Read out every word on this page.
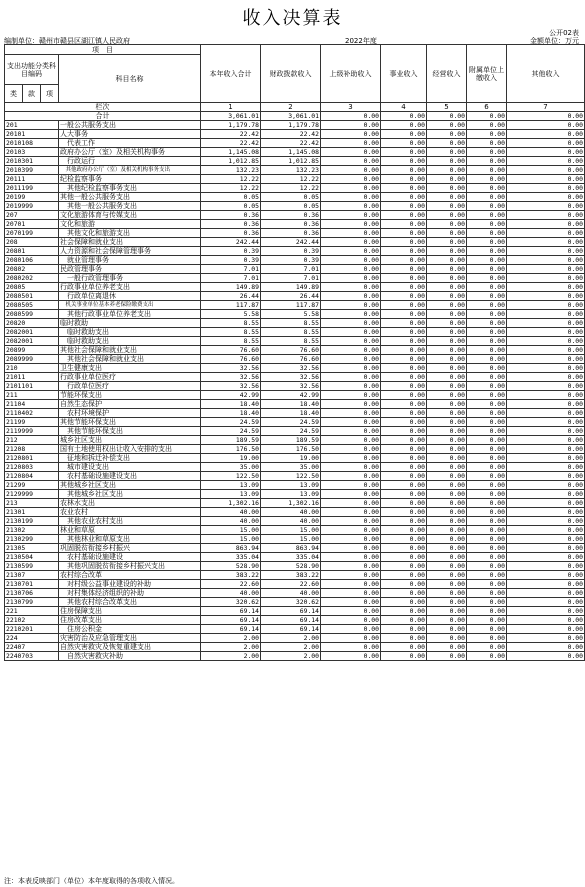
收入决算表
公开02表
编制单位：赣州市赣县区湖江镇人民政府	2022年度	金额单位：万元
项　目				本年收入合计	财政拨款收入	上级补助收入	事业收入	经营收入	附属单位上缴收入	其他收入
支出功能分类科目编码			科目名称							
类	款	项								
栏次				1	2	3	4	5	6	7
合计				3,061.01	3,061.01	0.00	0.00	0.00	0.00	0.00
201			一般公共服务支出	1,179.78	1,179.78	0.00	0.00	0.00	0.00	0.00
20101			人大事务	22.42	22.42	0.00	0.00	0.00	0.00	0.00
2010108			　代表工作	22.42	22.42	0.00	0.00	0.00	0.00	0.00
20103			政府办公厅（室）及相关机构事务	1,145.08	1,145.08	0.00	0.00	0.00	0.00	0.00
2010301			　行政运行	1,012.85	1,012.85	0.00	0.00	0.00	0.00	0.00
2010399			　其他政府办公厅（室）及相关机构事务支出	132.23	132.23	0.00	0.00	0.00	0.00	0.00
20111			纪检监察事务	12.22	12.22	0.00	0.00	0.00	0.00	0.00
2011199			　其他纪检监察事务支出	12.22	12.22	0.00	0.00	0.00	0.00	0.00
20199			其他一般公共服务支出	0.05	0.05	0.00	0.00	0.00	0.00	0.00
2019999			　其他一般公共服务支出	0.05	0.05	0.00	0.00	0.00	0.00	0.00
207			文化旅游体育与传媒支出	0.36	0.36	0.00	0.00	0.00	0.00	0.00
20701			文化和旅游	0.36	0.36	0.00	0.00	0.00	0.00	0.00
2070199			　其他文化和旅游支出	0.36	0.36	0.00	0.00	0.00	0.00	0.00
208			社会保障和就业支出	242.44	242.44	0.00	0.00	0.00	0.00	0.00
20801			人力资源和社会保障管理事务	0.39	0.39	0.00	0.00	0.00	0.00	0.00
2080106			　就业管理事务	0.39	0.39	0.00	0.00	0.00	0.00	0.00
20802			民政管理事务	7.01	7.01	0.00	0.00	0.00	0.00	0.00
2080202			　一般行政管理事务	7.01	7.01	0.00	0.00	0.00	0.00	0.00
20805			行政事业单位养老支出	149.89	149.89	0.00	0.00	0.00	0.00	0.00
2080501			　行政单位离退休	26.44	26.44	0.00	0.00	0.00	0.00	0.00
2080505			　机关事业单位基本养老保险缴费支出	117.87	117.87	0.00	0.00	0.00	0.00	0.00
2080599			　其他行政事业单位养老支出	5.58	5.58	0.00	0.00	0.00	0.00	0.00
20820			临时救助	8.55	8.55	0.00	0.00	0.00	0.00	0.00
2082001			　临时救助支出	8.55	8.55	0.00	0.00	0.00	0.00	0.00
2082001			　临时救助支出	8.55	8.55	0.00	0.00	0.00	0.00	0.00
20899			其他社会保障和就业支出	76.60	76.60	0.00	0.00	0.00	0.00	0.00
2089999			　其他社会保障和就业支出	76.60	76.60	0.00	0.00	0.00	0.00	0.00
210			卫生健康支出	32.56	32.56	0.00	0.00	0.00	0.00	0.00
21011			行政事业单位医疗	32.56	32.56	0.00	0.00	0.00	0.00	0.00
2101101			　行政单位医疗	32.56	32.56	0.00	0.00	0.00	0.00	0.00
211			节能环保支出	42.99	42.99	0.00	0.00	0.00	0.00	0.00
21104			自然生态保护	18.40	18.40	0.00	0.00	0.00	0.00	0.00
2110402			　农村环境保护	18.40	18.40	0.00	0.00	0.00	0.00	0.00
21199			其他节能环保支出	24.59	24.59	0.00	0.00	0.00	0.00	0.00
2119999			　其他节能环保支出	24.59	24.59	0.00	0.00	0.00	0.00	0.00
212			城乡社区支出	189.59	189.59	0.00	0.00	0.00	0.00	0.00
21208			国有土地使用权出让收入安排的支出	176.50	176.50	0.00	0.00	0.00	0.00	0.00
2120801			　征地和拆迁补偿支出	19.00	19.00	0.00	0.00	0.00	0.00	0.00
2120803			　城市建设支出	35.00	35.00	0.00	0.00	0.00	0.00	0.00
2120804			　农村基础设施建设支出	122.50	122.50	0.00	0.00	0.00	0.00	0.00
21299			其他城乡社区支出	13.09	13.09	0.00	0.00	0.00	0.00	0.00
2129999			　其他城乡社区支出	13.09	13.09	0.00	0.00	0.00	0.00	0.00
213			农林水支出	1,302.16	1,302.16	0.00	0.00	0.00	0.00	0.00
21301			农业农村	40.00	40.00	0.00	0.00	0.00	0.00	0.00
2130199			　其他农业农村支出	40.00	40.00	0.00	0.00	0.00	0.00	0.00
21302			林业和草原	15.00	15.00	0.00	0.00	0.00	0.00	0.00
2130299			　其他林业和草原支出	15.00	15.00	0.00	0.00	0.00	0.00	0.00
21305			巩固脱贫衔接乡村振兴	863.94	863.94	0.00	0.00	0.00	0.00	0.00
2130504			　农村基础设施建设	335.04	335.04	0.00	0.00	0.00	0.00	0.00
2130599			　其他巩固脱贫衔接乡村振兴支出	528.90	528.90	0.00	0.00	0.00	0.00	0.00
21307			农村综合改革	383.22	383.22	0.00	0.00	0.00	0.00	0.00
2130701			　对村级公益事业建设的补助	22.60	22.60	0.00	0.00	0.00	0.00	0.00
2130706			　对村集体经济组织的补助	40.00	40.00	0.00	0.00	0.00	0.00	0.00
2130799			　其他农村综合改革支出	320.62	320.62	0.00	0.00	0.00	0.00	0.00
221			住房保障支出	69.14	69.14	0.00	0.00	0.00	0.00	0.00
22102			住房改革支出	69.14	69.14	0.00	0.00	0.00	0.00	0.00
2210201			　住房公积金	69.14	69.14	0.00	0.00	0.00	0.00	0.00
224			灾害防治及应急管理支出	2.00	2.00	0.00	0.00	0.00	0.00	0.00
22407			自然灾害救灾及恢复重建支出	2.00	2.00	0.00	0.00	0.00	0.00	0.00
2240703			　自然灾害救灾补助	2.00	2.00	0.00	0.00	0.00	0.00	0.00
注：本表反映部门（单位）本年度取得的各项收入情况。
